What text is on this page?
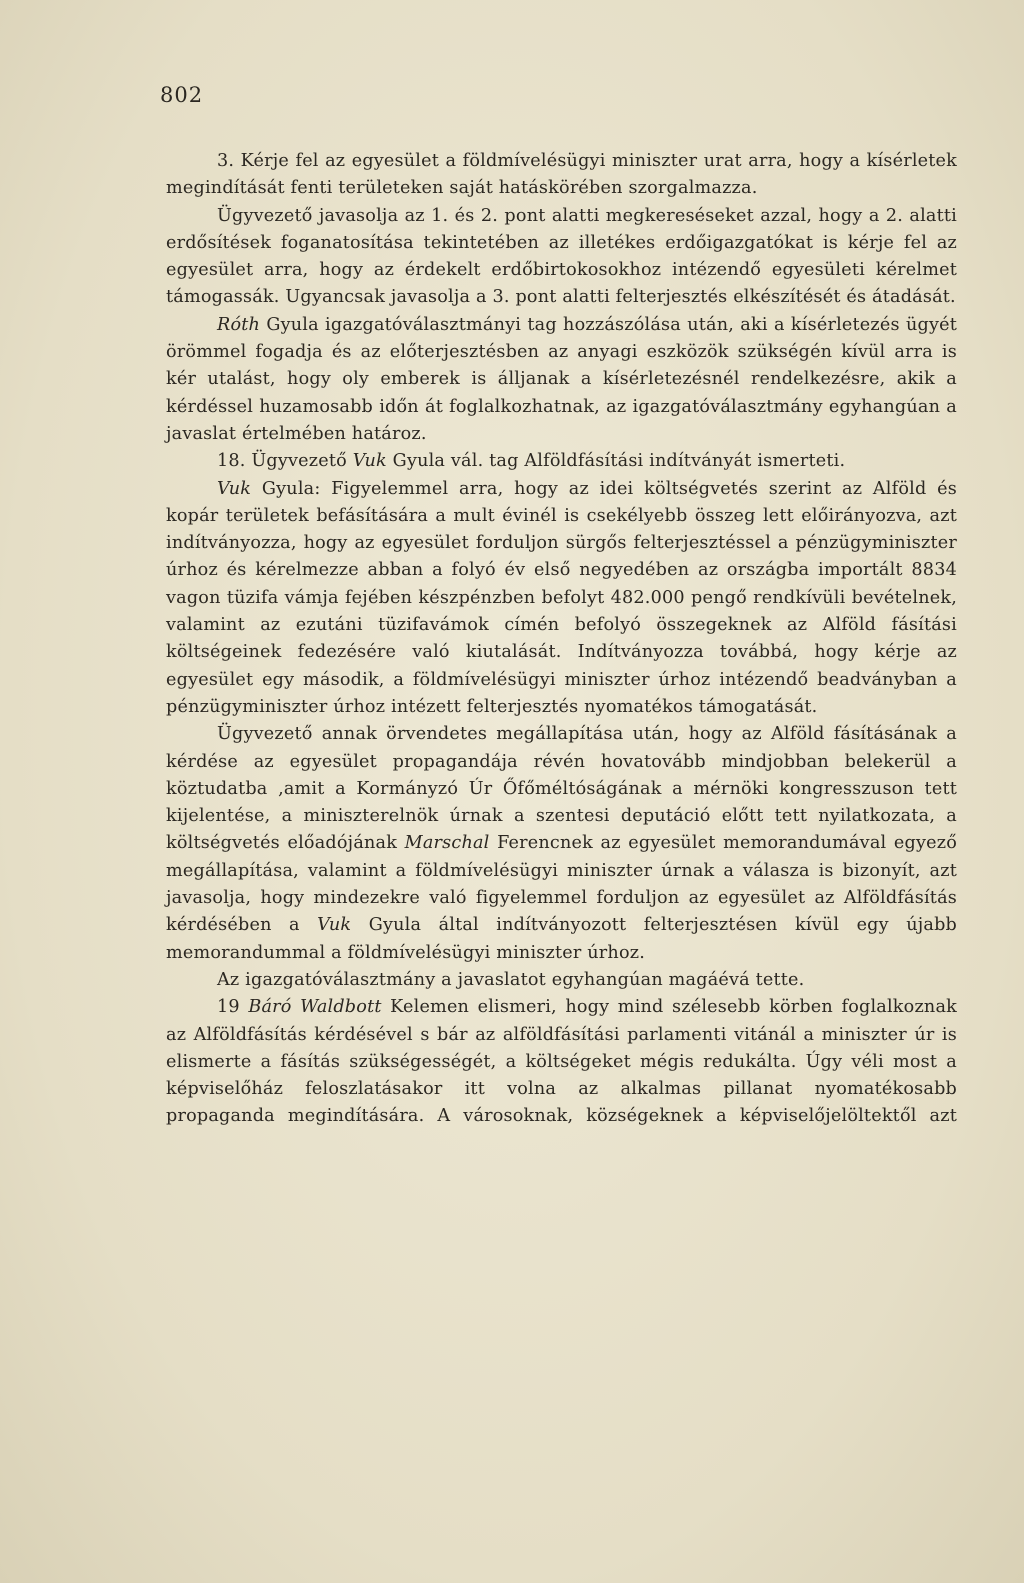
802

3. Kérje fel az egyesület a földmívelésügyi miniszter urat arra, hogy a kísérletek megindítását fenti területeken saját hatáskörében szorgalmazza.

Ügyvezető javasolja az 1. és 2. pont alatti megkereséseket azzal, hogy a 2. alatti erdősítések foganatosítása tekintetében az illetékes erdőigazgatókat is kérje fel az egyesület arra, hogy az érdekelt erdőbirtokosokhoz intézendő egyesületi kérelmet támogassák. Ugyancsak javasolja a 3. pont alatti felterjesztés elkészítését és átadását.

Róth Gyula igazgatóválasztmányi tag hozzászólása után, aki a kísérletezés ügyét örömmel fogadja és az előterjesztésben az anyagi eszközök szükségén kívül arra is kér utalást, hogy oly emberek is álljanak a kísérletezésnél rendelkezésre, akik a kérdéssel huzamosabb időn át foglalkozhatnak, az igazgatóválasztmány egyhangúan a javaslat értelmében határoz.

18. Ügyvezető Vuk Gyula vál. tag Alföldfásítási indítványát ismerteti.

Vuk Gyula: Figyelemmel arra, hogy az idei költségvetés szerint az Alföld és kopár területek befásítására a mult évinél is csekélyebb összeg lett előirányozva, azt indítványozza, hogy az egyesület forduljon sürgős felterjesztéssel a pénzügyminiszter úrhoz és kérelmezze abban a folyó év első negyedében az országba importált 8834 vagon tüzifa vámja fejében készpénzben befolyt 482.000 pengő rendkívüli bevételnek, valamint az ezutáni tüzifavámok címén befolyó összegeknek az Alföld fásítási költségeinek fedezésére való kiutalását. Indítványozza továbbá, hogy kérje az egyesület egy második, a földmívelésügyi miniszter úrhoz intézendő beadványban a pénzügyminiszter úrhoz intézett felterjesztés nyomatékos támogatását.

Ügyvezető annak örvendetes megállapítása után, hogy az Alföld fásításának a kérdése az egyesület propagandája révén hovatovább mindjobban belekerül a köztudatba ,amit a Kormányzó Úr Őfőméltóságának a mérnöki kongresszuson tett kijelentése, a miniszterelnök úrnak a szentesi deputáció előtt tett nyilatkozata, a költségvetés előadójának Marschal Ferencnek az egyesület memorandumával egyező megállapítása, valamint a földmívelésügyi miniszter úrnak a válasza is bizonyít, azt javasolja, hogy mindezekre való figyelemmel forduljon az egyesület az Alföldfásítás kérdésében a Vuk Gyula által indítványozott felterjesztésen kívül egy újabb memorandummal a földmívelésügyi miniszter úrhoz.

Az igazgatóválasztmány a javaslatot egyhangúan magáévá tette.

19 Báró Waldbott Kelemen elismeri, hogy mind szélesebb körben foglalkoznak az Alföldfásítás kérdésével s bár az alföldfásítási parlamenti vitánál a miniszter úr is elismerte a fásítás szükségességét, a költségeket mégis redukálta. Úgy véli most a képviselőház feloszlatásakor itt volna az alkalmas pillanat nyomatékosabb propaganda megindítására. A városoknak, községeknek a képviselőjelöltektől azt
